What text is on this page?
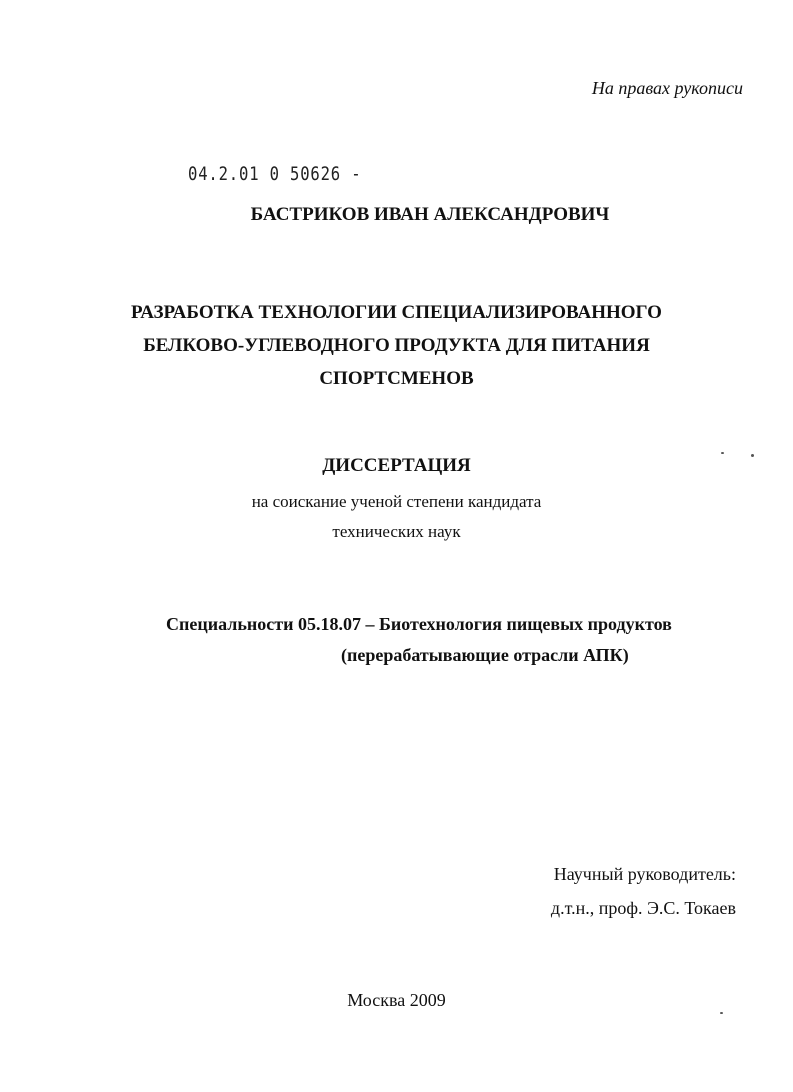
На правах рукописи

04.2.01 0 50626 -

БАСТРИКОВ ИВАН АЛЕКСАНДРОВИЧ

РАЗРАБОТКА ТЕХНОЛОГИИ СПЕЦИАЛИЗИРОВАННОГО
БЕЛКОВО-УГЛЕВОДНОГО ПРОДУКТА ДЛЯ ПИТАНИЯ
СПОРТСМЕНОВ

ДИССЕРТАЦИЯ

на соискание ученой степени кандидата
технических наук

Специальности 05.18.07 – Биотехнология пищевых продуктов

(перерабатывающие отрасли АПК)

Научный руководитель:

д.т.н., проф. Э.С. Токаев

Москва 2009
